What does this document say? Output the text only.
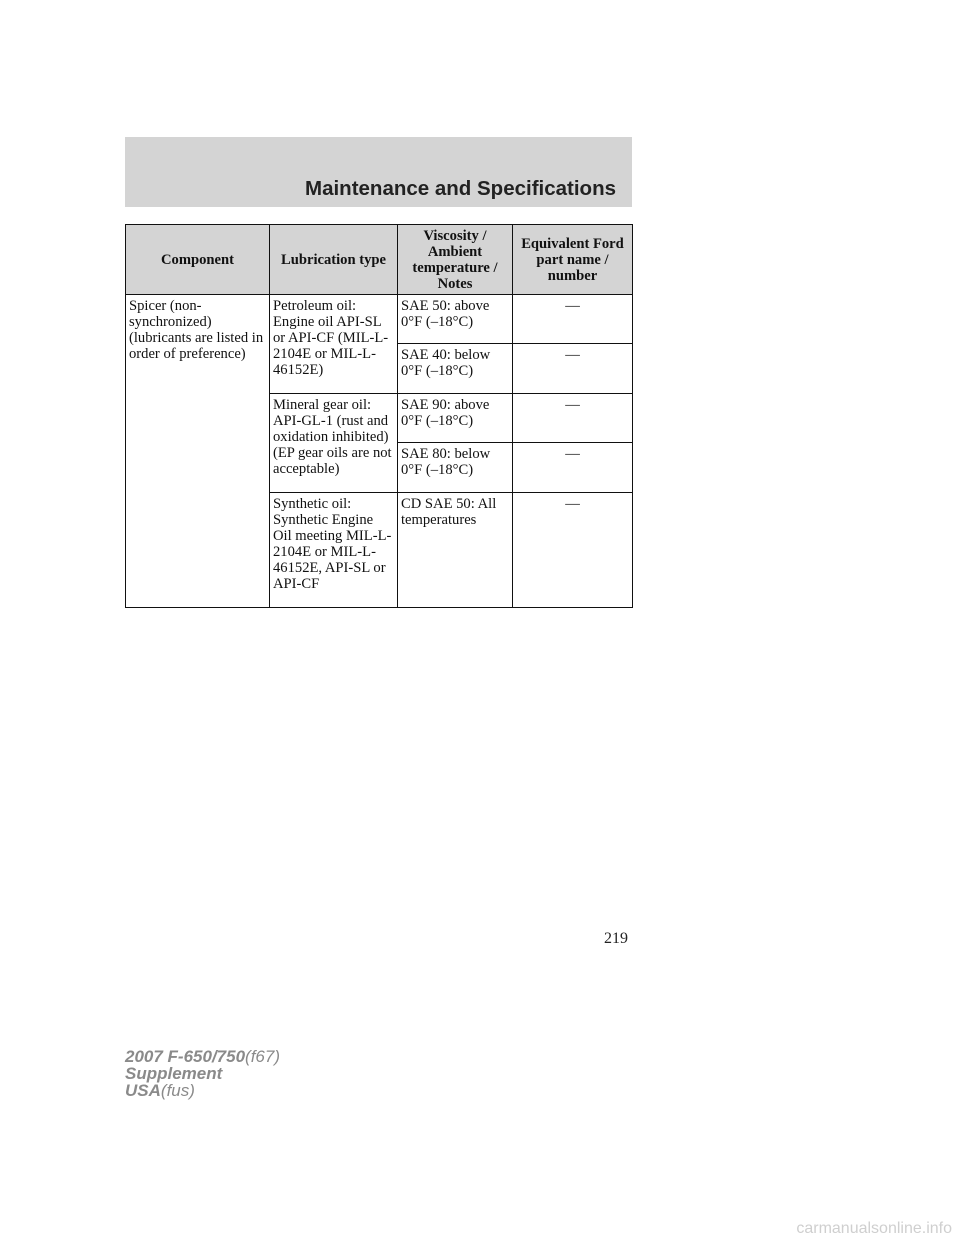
Maintenance and Specifications
Component	Lubrication type	Viscosity / Ambient temperature / Notes	Equivalent Ford part name / number
Spicer (non-synchronized) (lubricants are listed in order of preference)	Petroleum oil: Engine oil API-SL or API-CF (MIL-L-2104E or MIL-L-46152E)	SAE 50: above 0°F (–18°C)	—
		SAE 40: below 0°F (–18°C)	—
	Mineral gear oil: API-GL-1 (rust and oxidation inhibited) (EP gear oils are not acceptable)	SAE 90: above 0°F (–18°C)	—
		SAE 80: below 0°F (–18°C)	—
	Synthetic oil: Synthetic Engine Oil meeting MIL-L-2104E or MIL-L-46152E, API-SL or API-CF	CD SAE 50: All temperatures	—
219
2007 F-650/750(f67)
Supplement
USA(fus)
carmanualsonline.info
